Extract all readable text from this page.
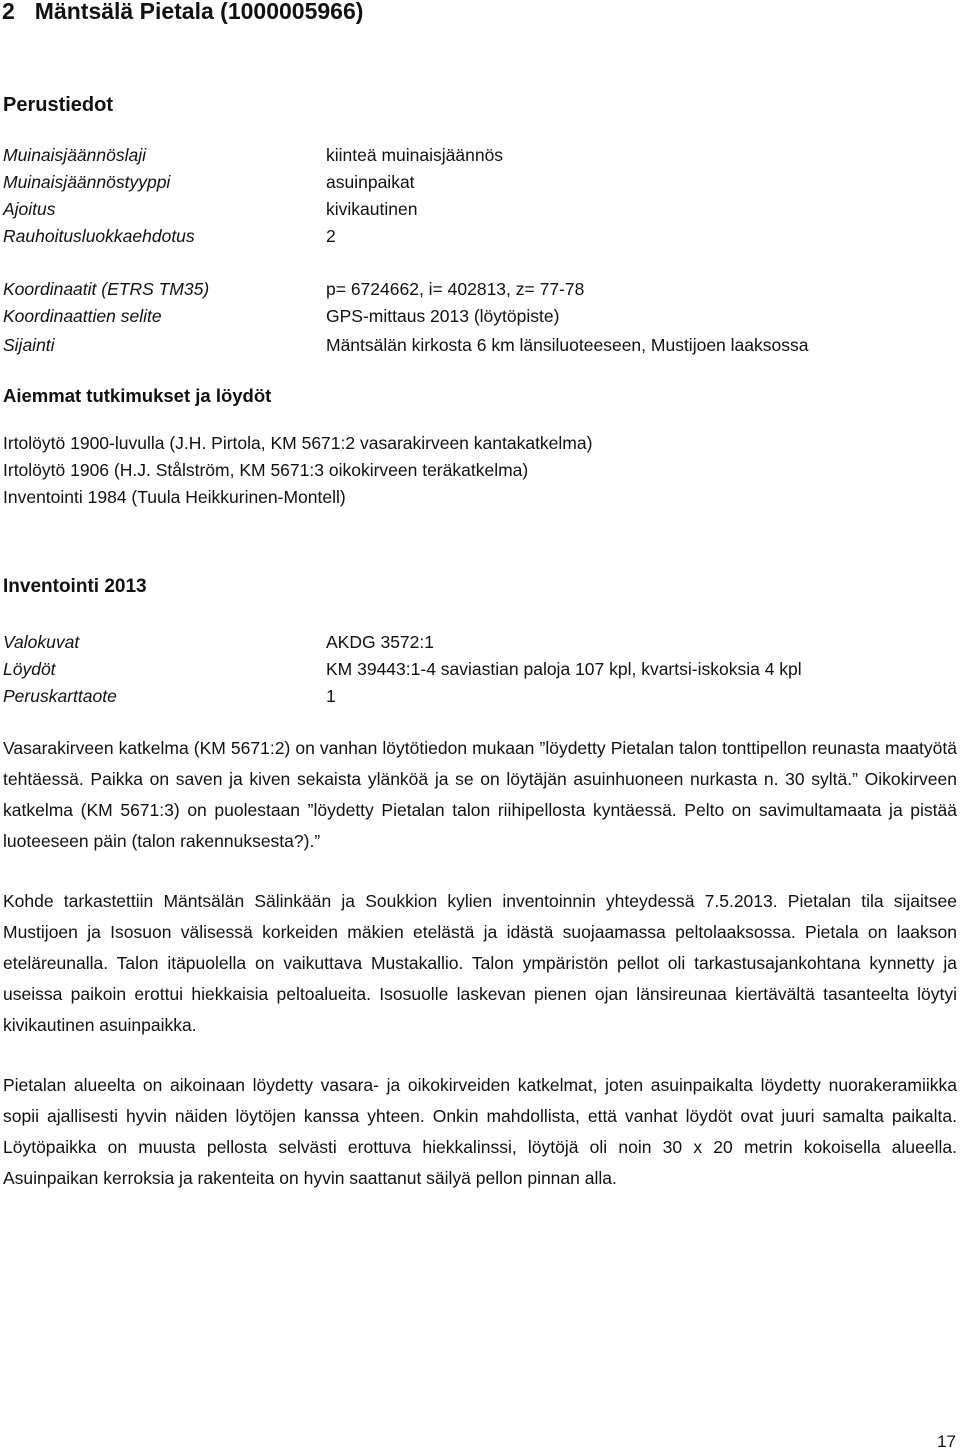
2 Mäntsälä Pietala (1000005966)
Perustiedot
Muinaisjäännöslaji	kiinteä muinaisjäännös
Muinaisjäännöstyyppi	asuinpaikat
Ajoitus	kivikautinen
Rauhoitusluokkaehdotus	2
Koordinaatit (ETRS TM35)	p= 6724662, i= 402813, z= 77-78
Koordinaattien selite	GPS-mittaus 2013 (löytöpiste)
Sijainti	Mäntsälän kirkosta 6 km länsiluoteeseen, Mustijoen laaksossa
Aiemmat tutkimukset ja löydöt
Irtolöytö 1900-luvulla (J.H. Pirtola, KM 5671:2 vasarakirveen kantakatkelma)
Irtolöytö 1906 (H.J. Stålström, KM 5671:3 oikokirveen teräkatkelma)
Inventointi 1984 (Tuula Heikkurinen-Montell)
Inventointi 2013
Valokuvat	AKDG 3572:1
Löydöt	KM 39443:1-4 saviastian paloja 107 kpl, kvartsi-iskoksia 4 kpl
Peruskarttaote	1
Vasarakirveen katkelma (KM 5671:2) on vanhan löytötiedon mukaan ”löydetty Pietalan talon tonttipellon reunasta maatyötä tehtäessä. Paikka on saven ja kiven sekaista ylänköä ja se on löytäjän asuinhuoneen nurkasta n. 30 syltä.” Oikokirveen katkelma (KM 5671:3) on puolestaan ”löydetty Pietalan talon riihipellosta kyntäessä. Pelto on savimultamaata ja pistää luoteeseen päin (talon rakennuksesta?).”
Kohde tarkastettiin Mäntsälän Sälinkään ja Soukkion kylien inventoinnin yhteydessä 7.5.2013. Pietalan tila sijaitsee Mustijoen ja Isosuon välisessä korkeiden mäkien etelästä ja idästä suojaamassa peltolaaksossa. Pietala on laakson eteläreunalla. Talon itäpuolella on vaikuttava Mustakallio. Talon ympäristön pellot oli tarkastusajankohtana kynnetty ja useissa paikoin erottui hiekkaisia peltoalueita. Isosuolle laskevan pienen ojan länsireunaa kiertävältä tasanteelta löytyi kivikautinen asuinpaikka.
Pietalan alueelta on aikoinaan löydetty vasara- ja oikokirveiden katkelmat, joten asuinpaikalta löydetty nuorakeramiikka sopii ajallisesti hyvin näiden löytöjen kanssa yhteen. Onkin mahdollista, että vanhat löydöt ovat juuri samalta paikalta. Löytöpaikka on muusta pellosta selvästi erottuva hiekkalinssi, löytöjä oli noin 30 x 20 metrin kokoisella alueella. Asuinpaikan kerroksia ja rakenteita on hyvin saattanut säilyä pellon pinnan alla.
17
